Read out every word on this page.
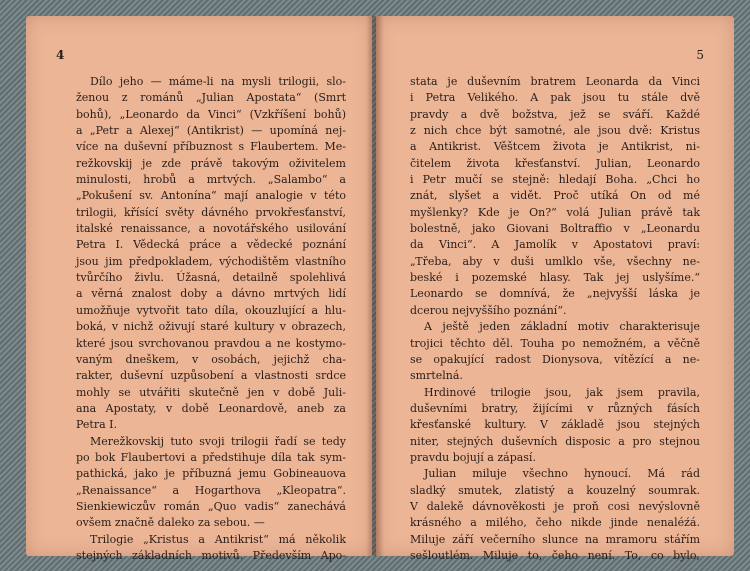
4
Dílo jeho — máme-li na mysli trilogii, slo-
ženou z románů „Julian Apostata“ (Smrt
bohů), „Leonardo da Vinci“ (Vzkříšení bohů)
a „Petr a Alexej“ (Antikrist) — upomíná nej-
více na duševní příbuznost s Flaubertem. Me-
režkovskij je zde právě takovým oživitelem
minulosti, hrobů a mrtvých. „Salambo“ a
„Pokušení sv. Antonína“ mají analogie v této
trilogii, křísící světy dávného prvokřesťanství,
italské renaissance, a novotářského usilování
Petra I. Vědecká práce a vědecké poznání
jsou jim předpokladem, východištěm vlastního
tvůrčího živlu. Úžasná, detailně spolehlivá
a věrná znalost doby a dávno mrtvých lidí
umožňuje vytvořit tato díla, okouzlující a hlu-
boká, v nichž oživují staré kultury v obrazech,
které jsou svrchovanou pravdou a ne kostymo-
vaným dneškem, v osobách, jejichž cha-
rakter, duševní uzpůsobení a vlastnosti srdce
mohly se utvářiti skutečně jen v době Juli-
ana Apostaty, v době Leonardově, aneb za
Petra I.
Merežkovskij tuto svoji trilogii řadí se tedy
po bok Flaubertovi a předstihuje díla tak sym-
pathická, jako je příbuzná jemu Gobineauova
„Renaissance“ a Hogarthova „Kleopatra“.
Sienkiewiczův román „Quo vadis“ zanechává
ovšem značně daleko za sebou. —
Trilogie „Kristus a Antikrist“ má několik
stejných základních motivů. Především Apo-
5
stata je duševním bratrem Leonarda da Vinci
i Petra Velikého. A pak jsou tu stále dvě
pravdy a dvě božstva, jež se sváří. Každé
z nich chce být samotné, ale jsou dvě: Kristus
a Antikrist. Věštcem života je Antikrist, ni-
čitelem života křesťanství. Julian, Leonardo
i Petr mučí se stejně: hledají Boha. „Chci ho
znát, slyšet a vidět. Proč utíká On od mé
myšlenky? Kde je On?“ volá Julian právě tak
bolestně, jako Giovani Boltraffio v „Leonardu
da Vinci“. A Jamolík v Apostatovi praví:
„Třeba, aby v duši umlklo vše, všechny ne-
beské i pozemské hlasy. Tak jej uslyšíme.“
Leonardo se domnívá, že „nejvyšší láska je
dcerou nejvyššího poznání“.
A ještě jeden základní motiv charakterisuje
trojici těchto děl. Touha po nemožném, a věčně
se opakující radost Dionysova, vítězící a ne-
smrtelná.
Hrdinové trilogie jsou, jak jsem pravila,
duševními bratry, žijícími v různých fásích
křesťanské kultury. V základě jsou stejných
niter, stejných duševních disposic a pro stejnou
pravdu bojují a zápasí.
Julian miluje všechno hynoucí. Má rád
sladký smutek, zlatistý a kouzelný soumrak.
V dalekě dávnověkosti je proň cosi nevýslovně
krásného a milého, čeho nikde jinde nenaléźá.
Miluje září večerního slunce na mramoru stářím
sešloutlém. Miluje to, čeho není. To, co bylo,
